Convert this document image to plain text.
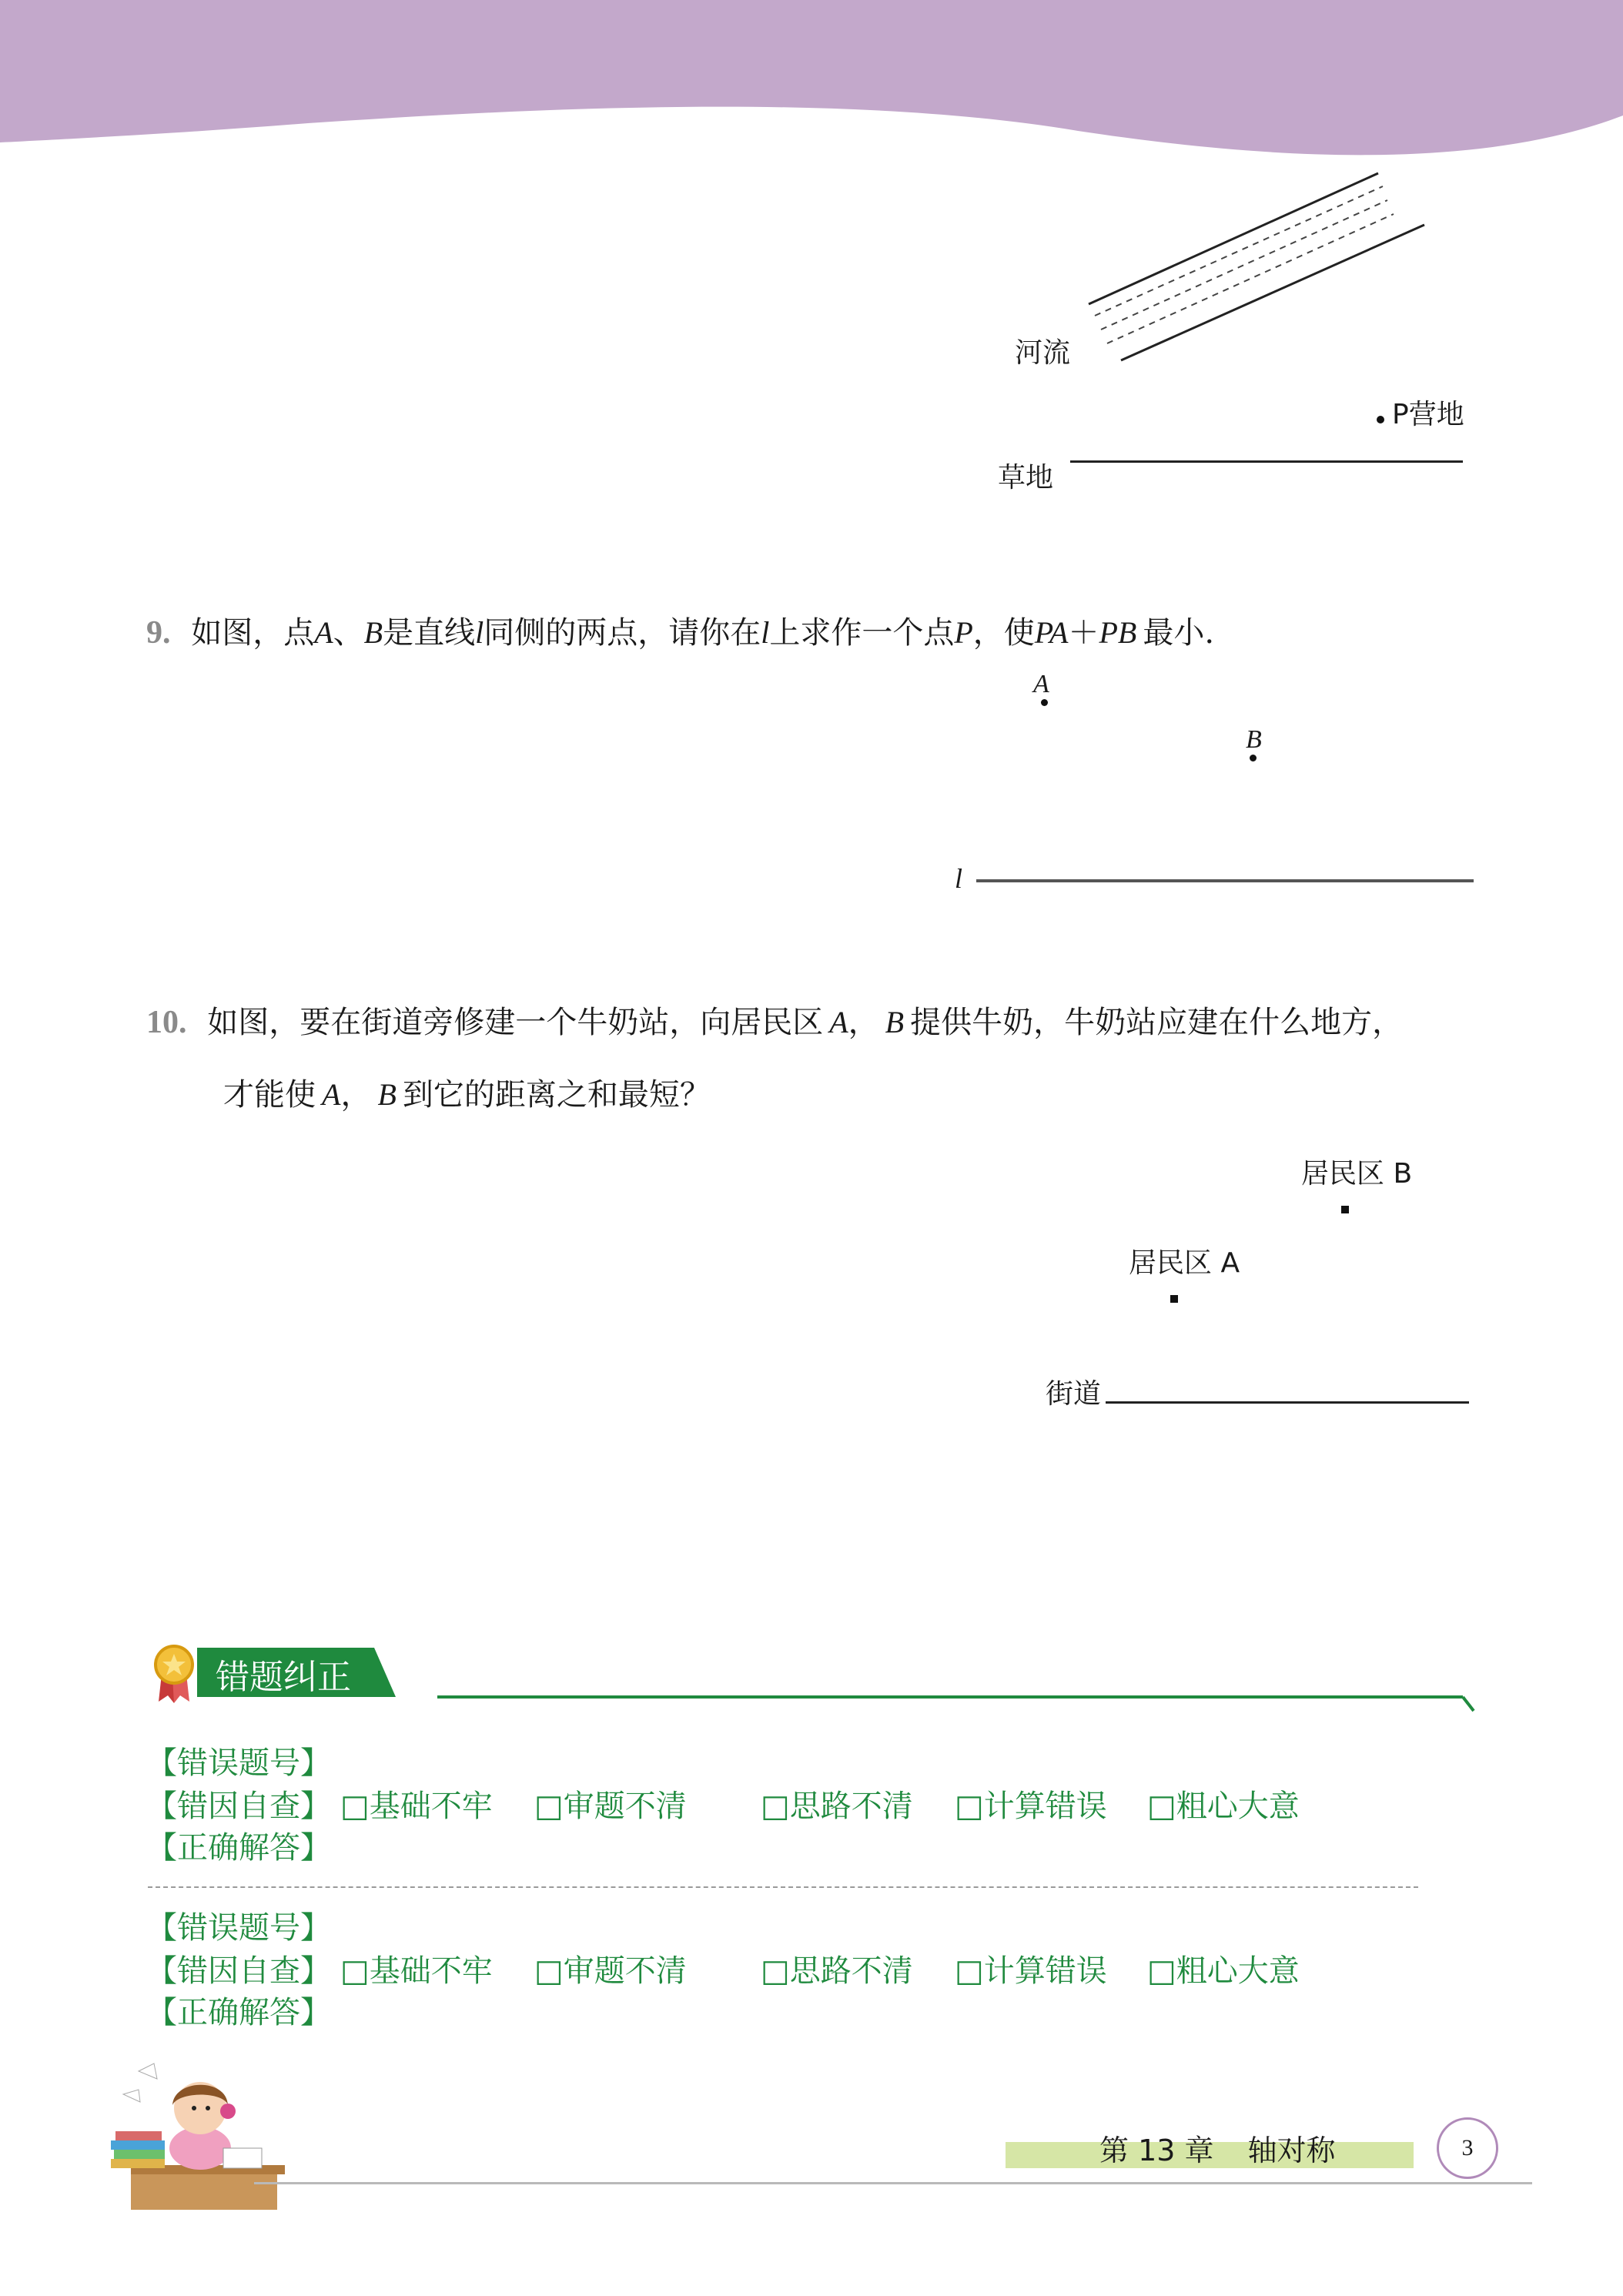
河流
P营地
草地
9. 如图，点A、B是直线l同侧的两点，请你在l上求作一个点P，使PA＋PB 最小.
A
B
l
10. 如图，要在街道旁修建一个牛奶站，向居民区 A， B 提供牛奶，牛奶站应建在什么地方，
才能使 A， B 到它的距离之和最短？
居民区 B
居民区 A
街道
错题纠正
【错误题号】
【错因自查】 □基础不牢 □审题不清 □思路不清 □计算错误 □粗心大意
【正确解答】
【错误题号】
【错因自查】 □基础不牢 □审题不清 □思路不清 □计算错误 □粗心大意
【正确解答】
第 13 章 轴对称	3
